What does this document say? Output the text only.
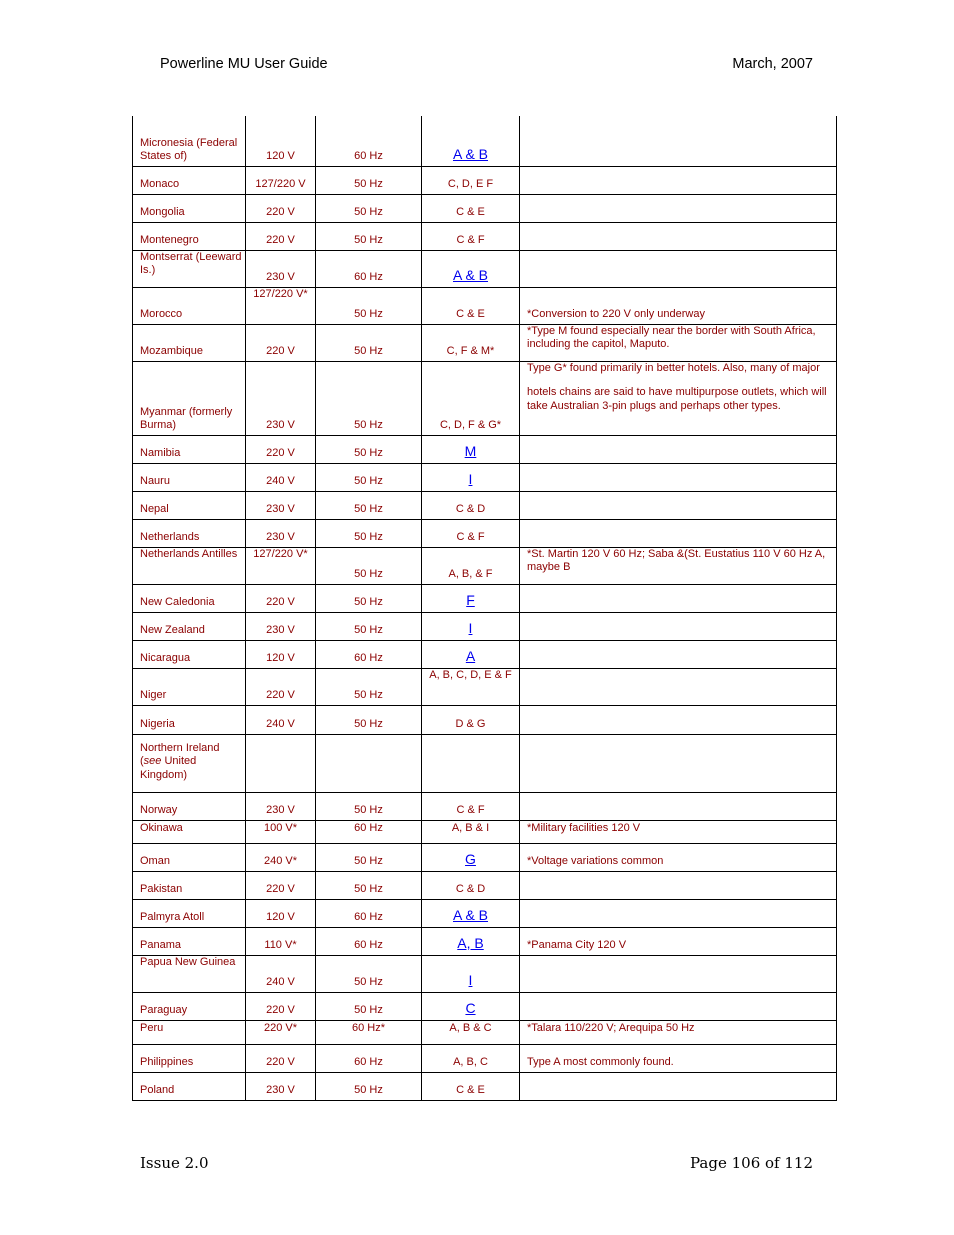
Powerline MU User Guide	March, 2007
Micronesia (Federal States of)	120 V	60 Hz	A & B	
Monaco	127/220 V	50 Hz	C, D, E F	
Mongolia	220 V	50 Hz	C & E	
Montenegro	220 V	50 Hz	C & F	
Montserrat (Leeward Is.)	230 V	60 Hz	A & B	
Morocco	127/220 V*	50 Hz	C & E	*Conversion to 220 V only underway

Mozambique	220 V	50 Hz	C, F & M*	*Type M found especially near the border with South Africa, including the capitol, Maputo.

Myanmar (formerly Burma)	230 V	50 Hz	C, D, F & G*	Type G* found primarily in better hotels. Also, many of major
hotels chains are said to have multipurpose outlets, which will take Australian 3-pin plugs and perhaps other types.

Namibia	220 V	50 Hz	M	
Nauru	240 V	50 Hz	I	
Nepal	230 V	50 Hz	C & D	
Netherlands	230 V	50 Hz	C & F	
Netherlands Antilles	127/220 V*	50 Hz	A, B, & F	*St. Martin 120 V 60 Hz; Saba &(St. Eustatius 110 V 60 Hz A, maybe B

New Caledonia	220 V	50 Hz	F	
New Zealand	230 V	50 Hz	I	
Nicaragua	120 V	60 Hz	A	
Niger	220 V	50 Hz	A, B, C, D, E & F	
Nigeria	240 V	50 Hz	D & G	

Northern Ireland
(see United Kingdom)				

Norway	230 V	50 Hz	C & F	
Okinawa	100 V*	60 Hz	A, B & I	*Military facilities 120 V

Oman	240 V*	50 Hz	G	*Voltage variations common

Pakistan	220 V	50 Hz	C & D	
Palmyra Atoll	120 V	60 Hz	A & B	
Panama	110 V*	60 Hz	A, B	*Panama City 120 V

Papua New Guinea	240 V	50 Hz	I	
Paraguay	220 V	50 Hz	C	
Peru	220 V*	60 Hz*	A, B & C	*Talara 110/220 V; Arequipa 50 Hz

Philippines	220 V	60 Hz	A, B, C	Type A most commonly found.

Poland	230 V	50 Hz	C & E	
Issue 2.0	Page 106 of 112
